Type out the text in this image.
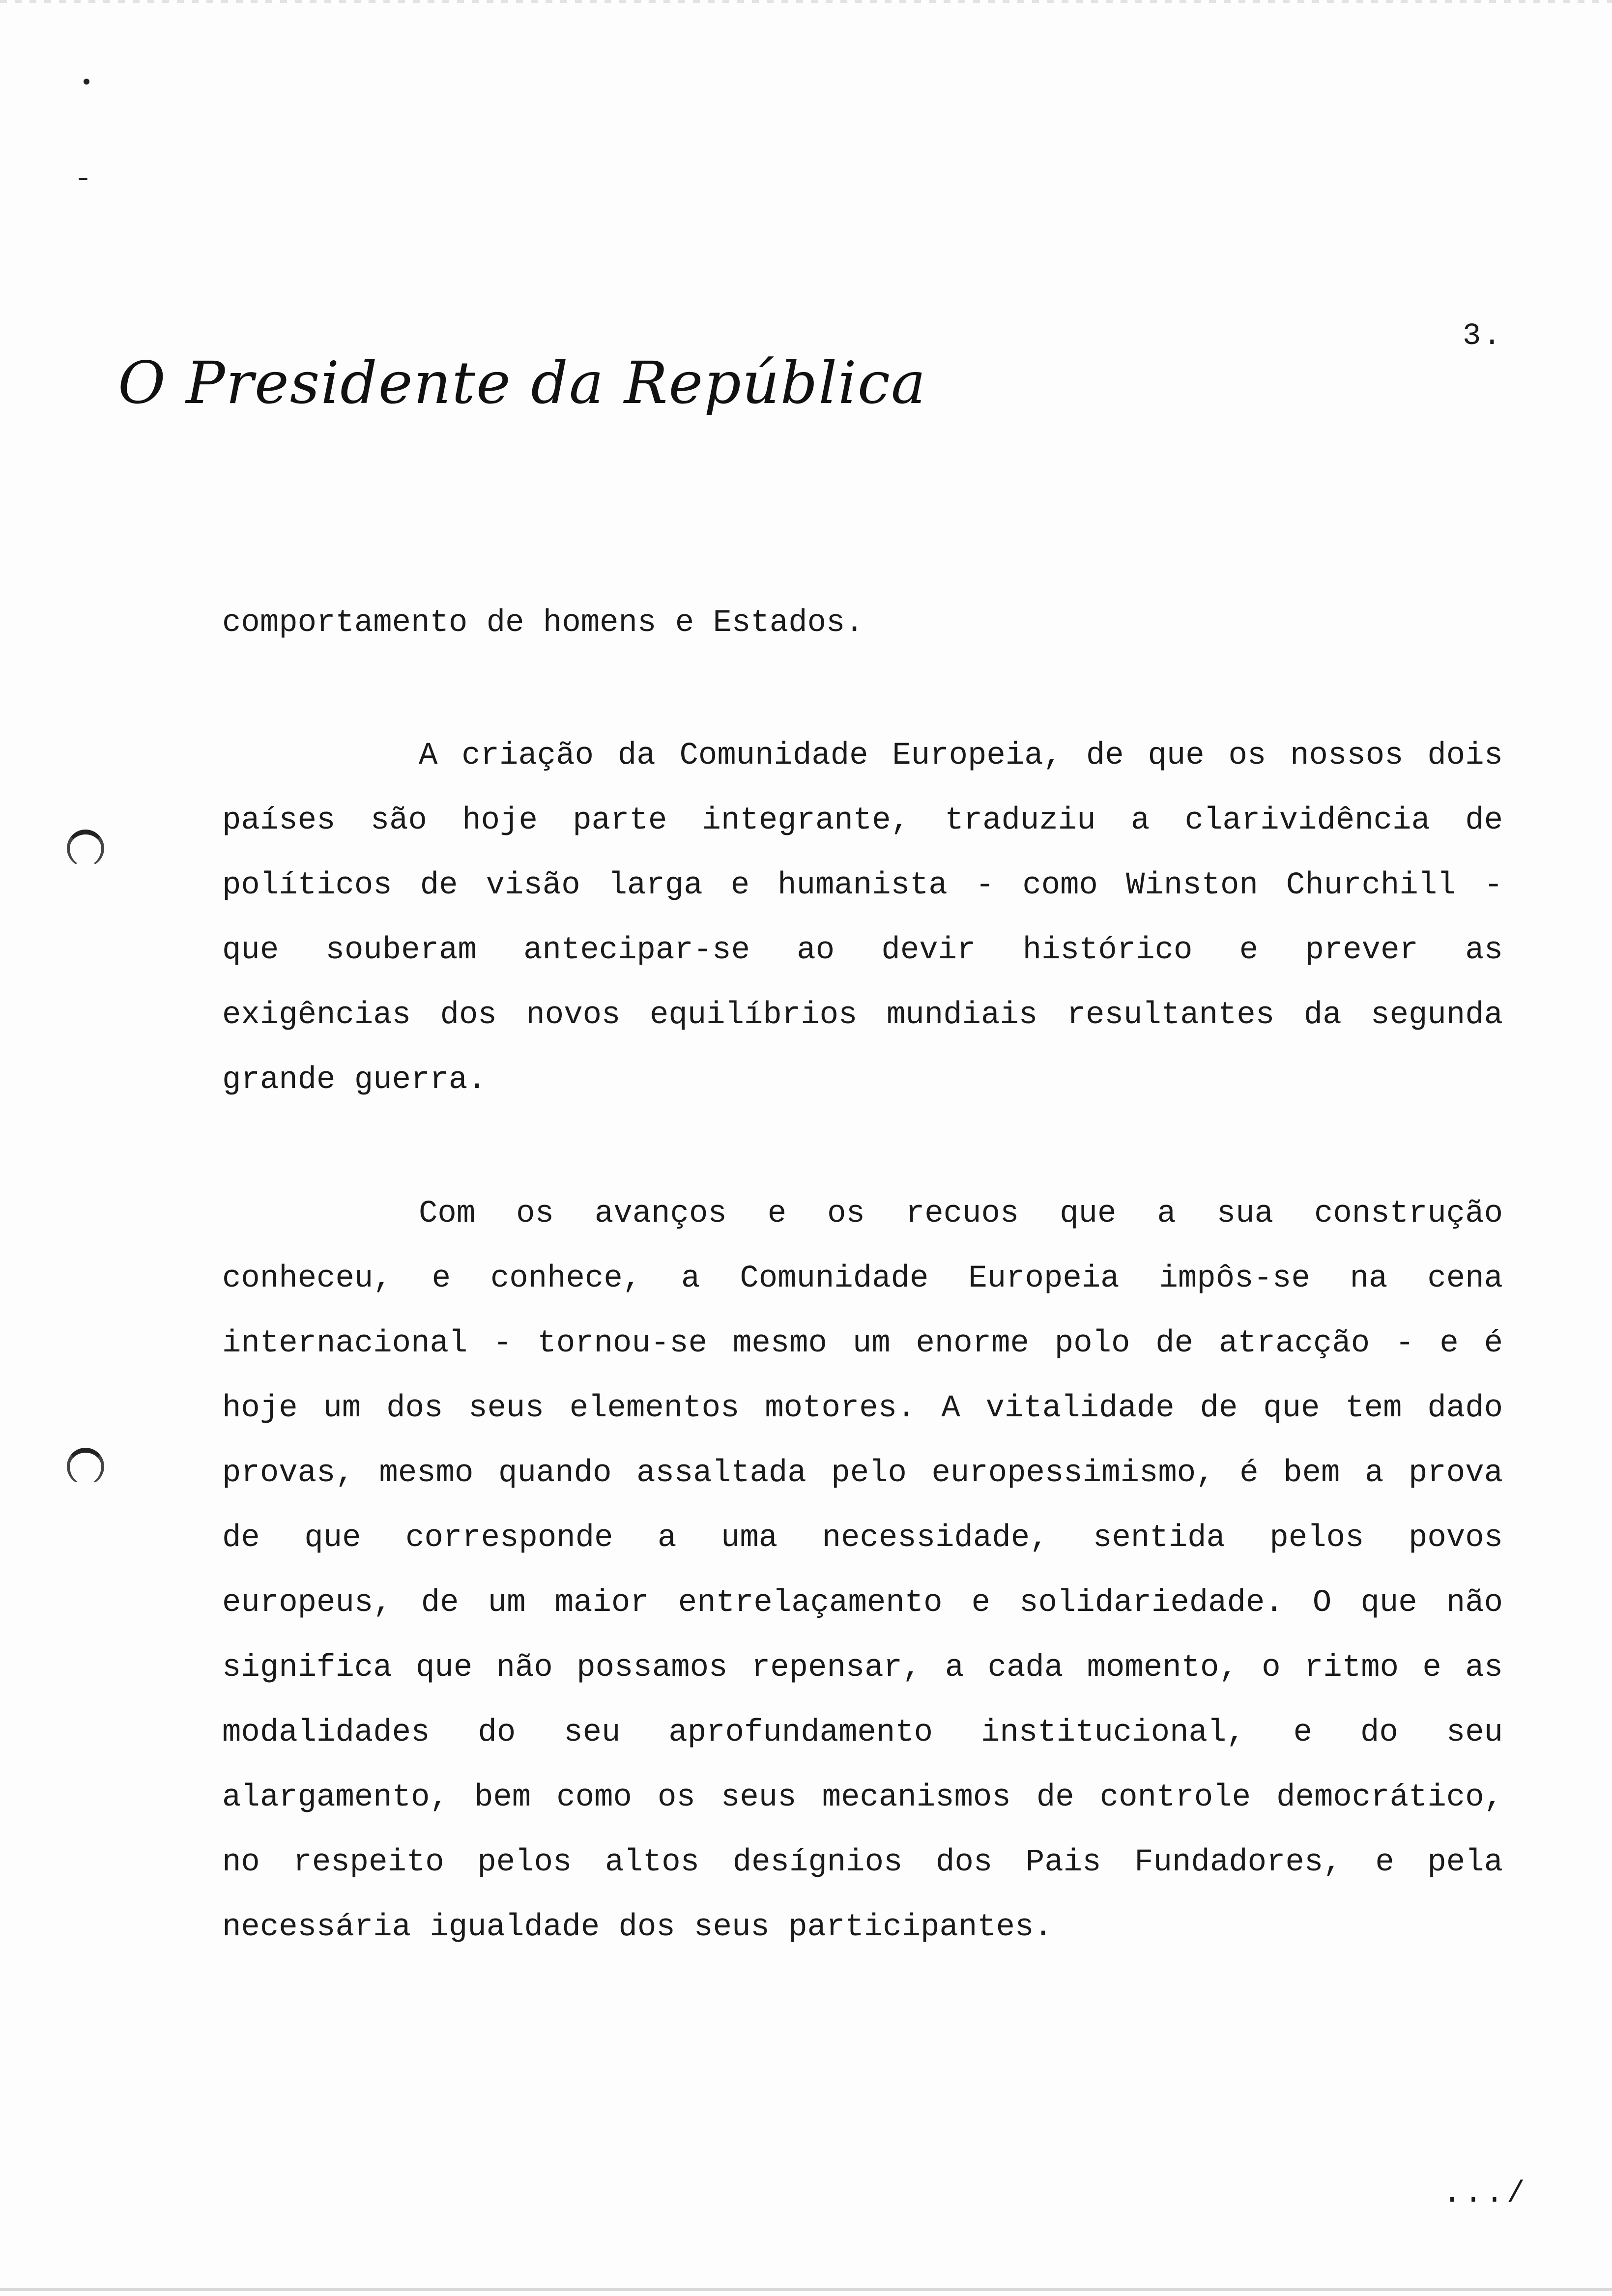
3.
O Presidente da República
comportamento de homens e Estados.
A criação da Comunidade Europeia, de que os nossos dois
países são hoje parte integrante, traduziu a clarividência de
políticos de visão larga e humanista - como Winston Churchill -
que souberam antecipar-se ao devir histórico e prever as
exigências dos novos equilíbrios mundiais resultantes da segunda
grande guerra.
Com os avanços e os recuos que a sua construção
conheceu, e conhece, a Comunidade Europeia impôs-se na cena
internacional - tornou-se mesmo um enorme polo de atracção - e é
hoje um dos seus elementos motores. A vitalidade de que tem dado
provas, mesmo quando assaltada pelo europessimismo, é bem a prova
de que corresponde a uma necessidade, sentida pelos povos
europeus, de um maior entrelaçamento e solidariedade. O que não
significa que não possamos repensar, a cada momento, o ritmo e as
modalidades do seu aprofundamento institucional, e do seu
alargamento, bem como os seus mecanismos de controle democrático,
no respeito pelos altos desígnios dos Pais Fundadores, e pela
necessária igualdade dos seus participantes.
.../
